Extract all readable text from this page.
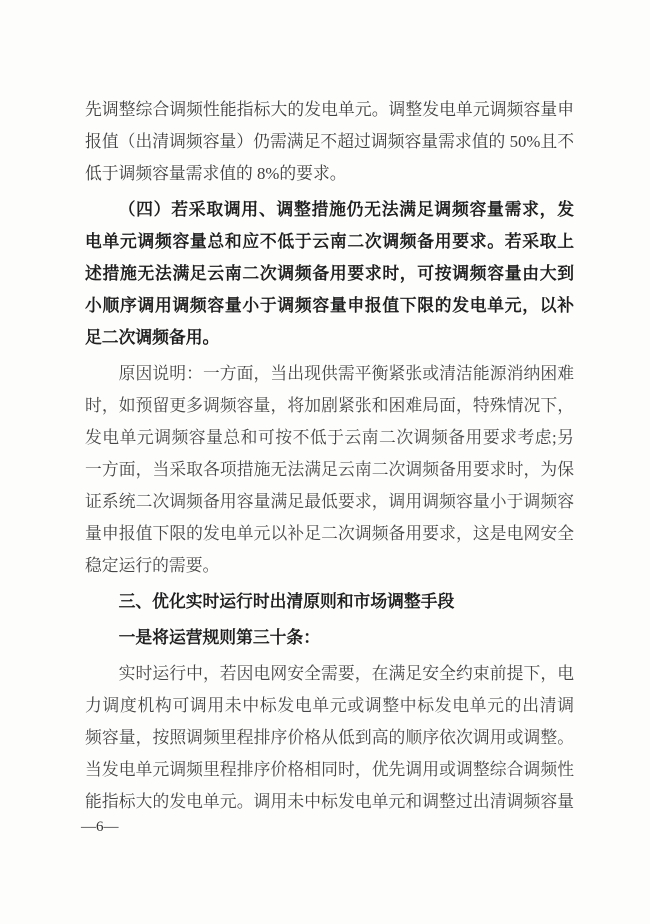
先调整综合调频性能指标大的发电单元。调整发电单元调频容量申
报值（出清调频容量）仍需满足不超过调频容量需求值的 50%且不
低于调频容量需求值的 8%的要求。
（四）若采取调用、调整措施仍无法满足调频容量需求，发
电单元调频容量总和应不低于云南二次调频备用要求。若采取上
述措施无法满足云南二次调频备用要求时，可按调频容量由大到
小顺序调用调频容量小于调频容量申报值下限的发电单元，以补
足二次调频备用。
原因说明：一方面，当出现供需平衡紧张或清洁能源消纳困难
时，如预留更多调频容量，将加剧紧张和困难局面，特殊情况下，
发电单元调频容量总和可按不低于云南二次调频备用要求考虑;另
一方面，当采取各项措施无法满足云南二次调频备用要求时，为保
证系统二次调频备用容量满足最低要求，调用调频容量小于调频容
量申报值下限的发电单元以补足二次调频备用要求，这是电网安全
稳定运行的需要。
三、优化实时运行时出清原则和市场调整手段
一是将运营规则第三十条：
实时运行中，若因电网安全需要，在满足安全约束前提下，电
力调度机构可调用未中标发电单元或调整中标发电单元的出清调
频容量，按照调频里程排序价格从低到高的顺序依次调用或调整。
当发电单元调频里程排序价格相同时，优先调用或调整综合调频性
能指标大的发电单元。调用未中标发电单元和调整过出清调频容量
—6—
